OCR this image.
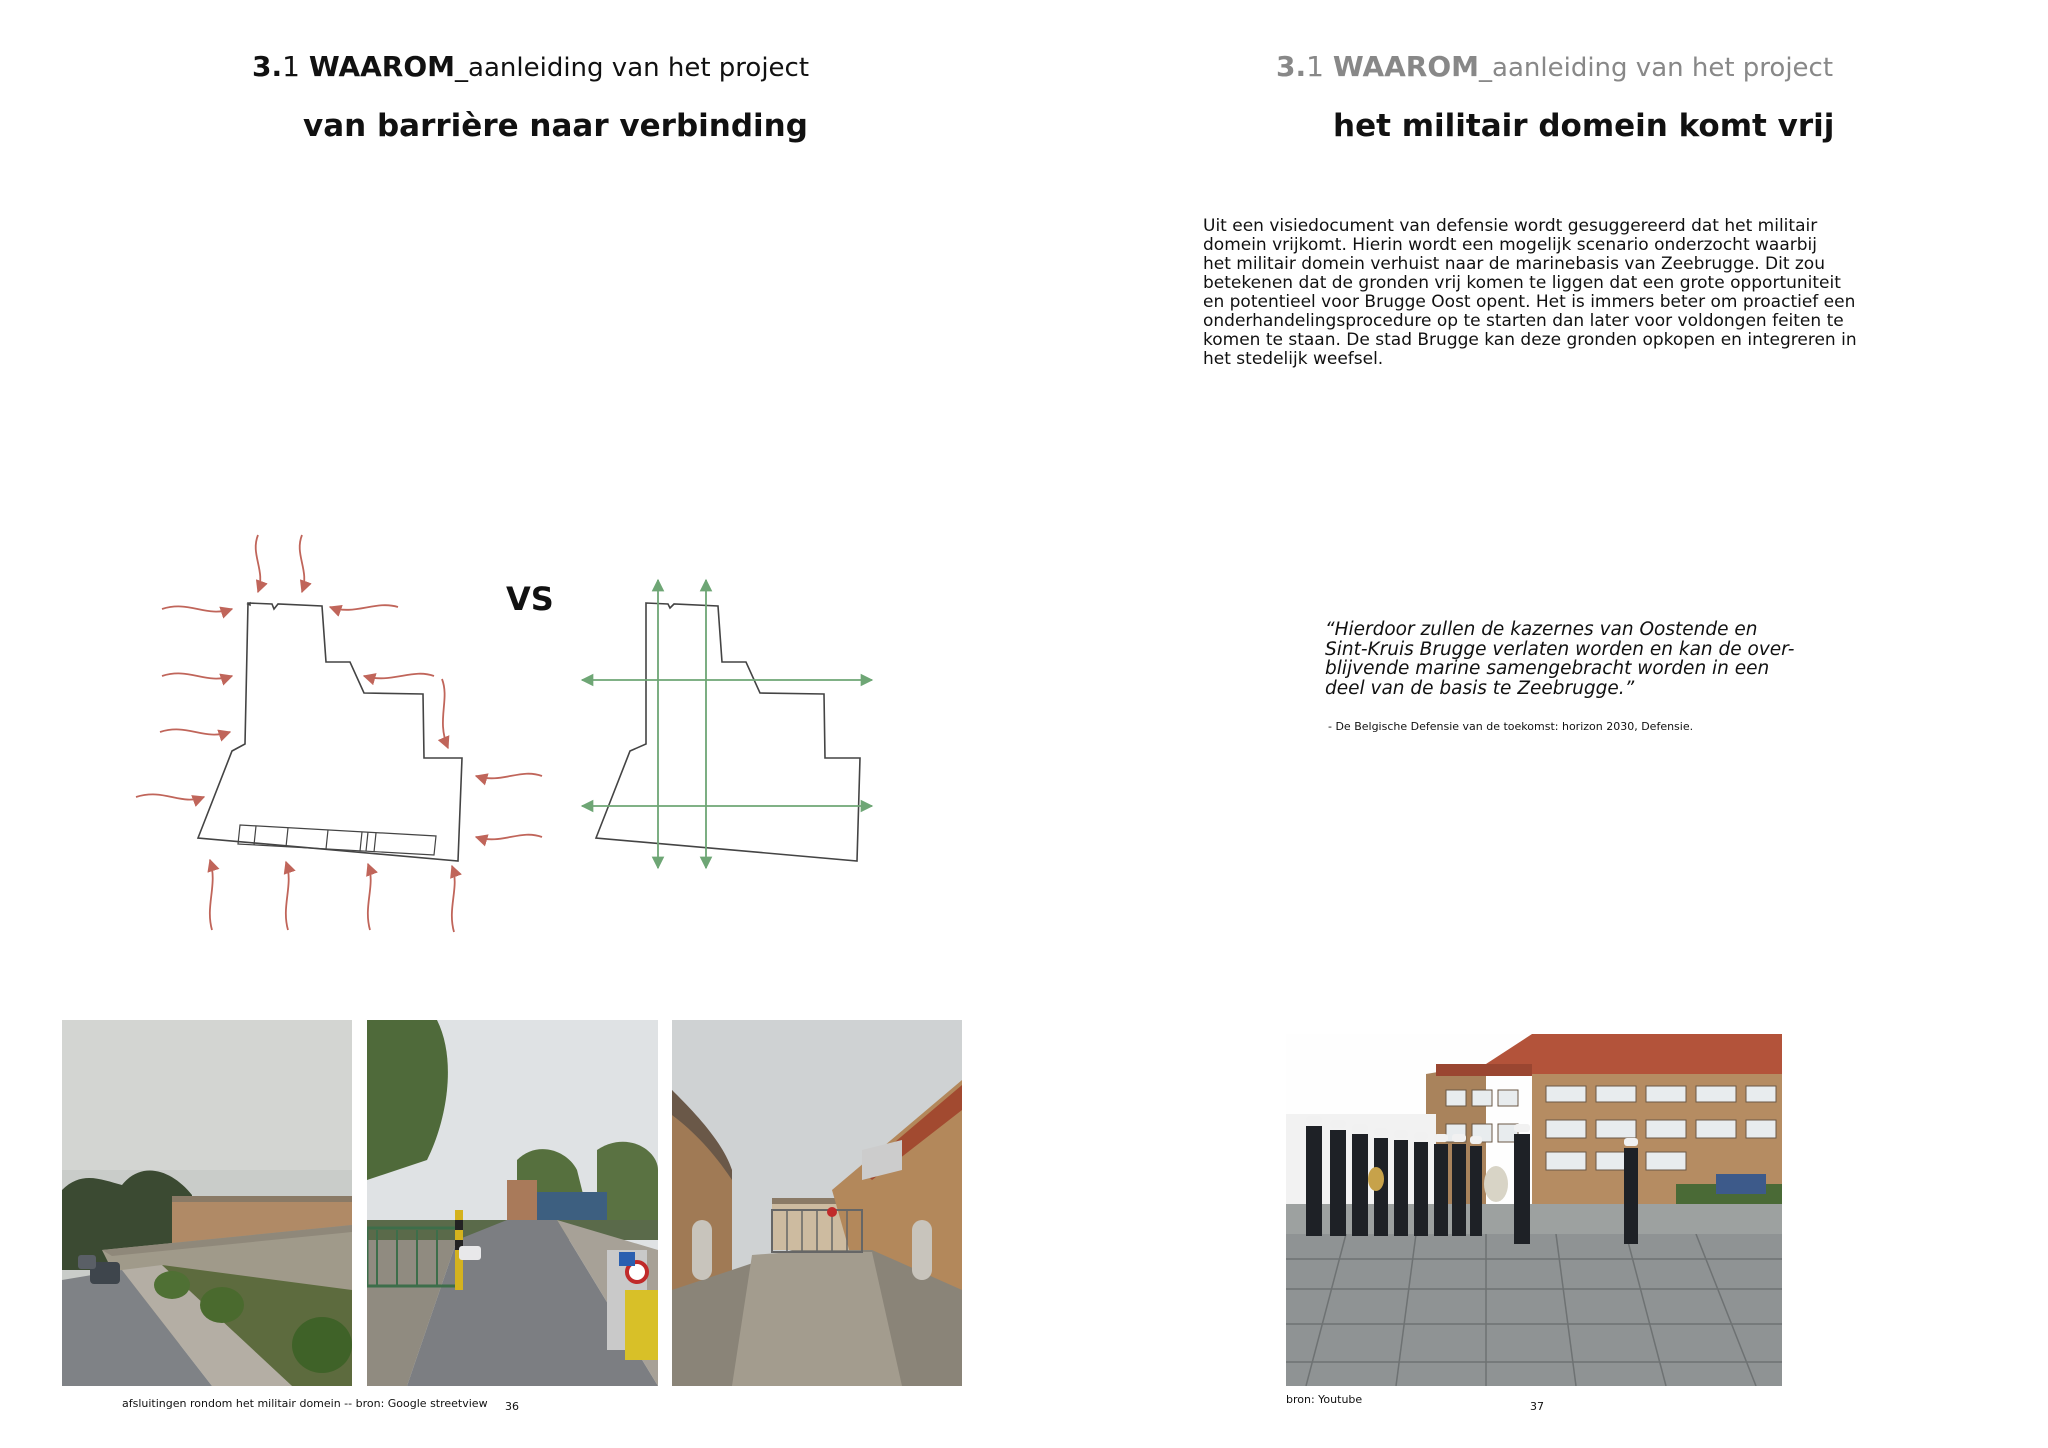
3.1 WAAROM_aanleiding van het project
van barrière naar verbinding
VS
afsluitingen rondom het militair domein -- bron: Google streetview 36
3.1 WAAROM_aanleiding van het project
het militair domein komt vrij
Uit een visiedocument van defensie wordt gesuggereerd dat het militair
domein vrijkomt. Hierin wordt een mogelijk scenario onderzocht waarbij
het militair domein verhuist naar de marinebasis van Zeebrugge. Dit zou
betekenen dat de gronden vrij komen te liggen dat een grote opportuniteit
en potentieel voor Brugge Oost opent. Het is immers beter om proactief een
onderhandelingsprocedure op te starten dan later voor voldongen feiten te
komen te staan. De stad Brugge kan deze gronden opkopen en integreren in
het stedelijk weefsel.
“Hierdoor zullen de kazernes van Oostende en
Sint-Kruis Brugge verlaten worden en kan de over-
blijvende marine samengebracht worden in een
deel van de basis te Zeebrugge.”
- De Belgische Defensie van de toekomst: horizon 2030, Defensie.
bron: Youtube
37
